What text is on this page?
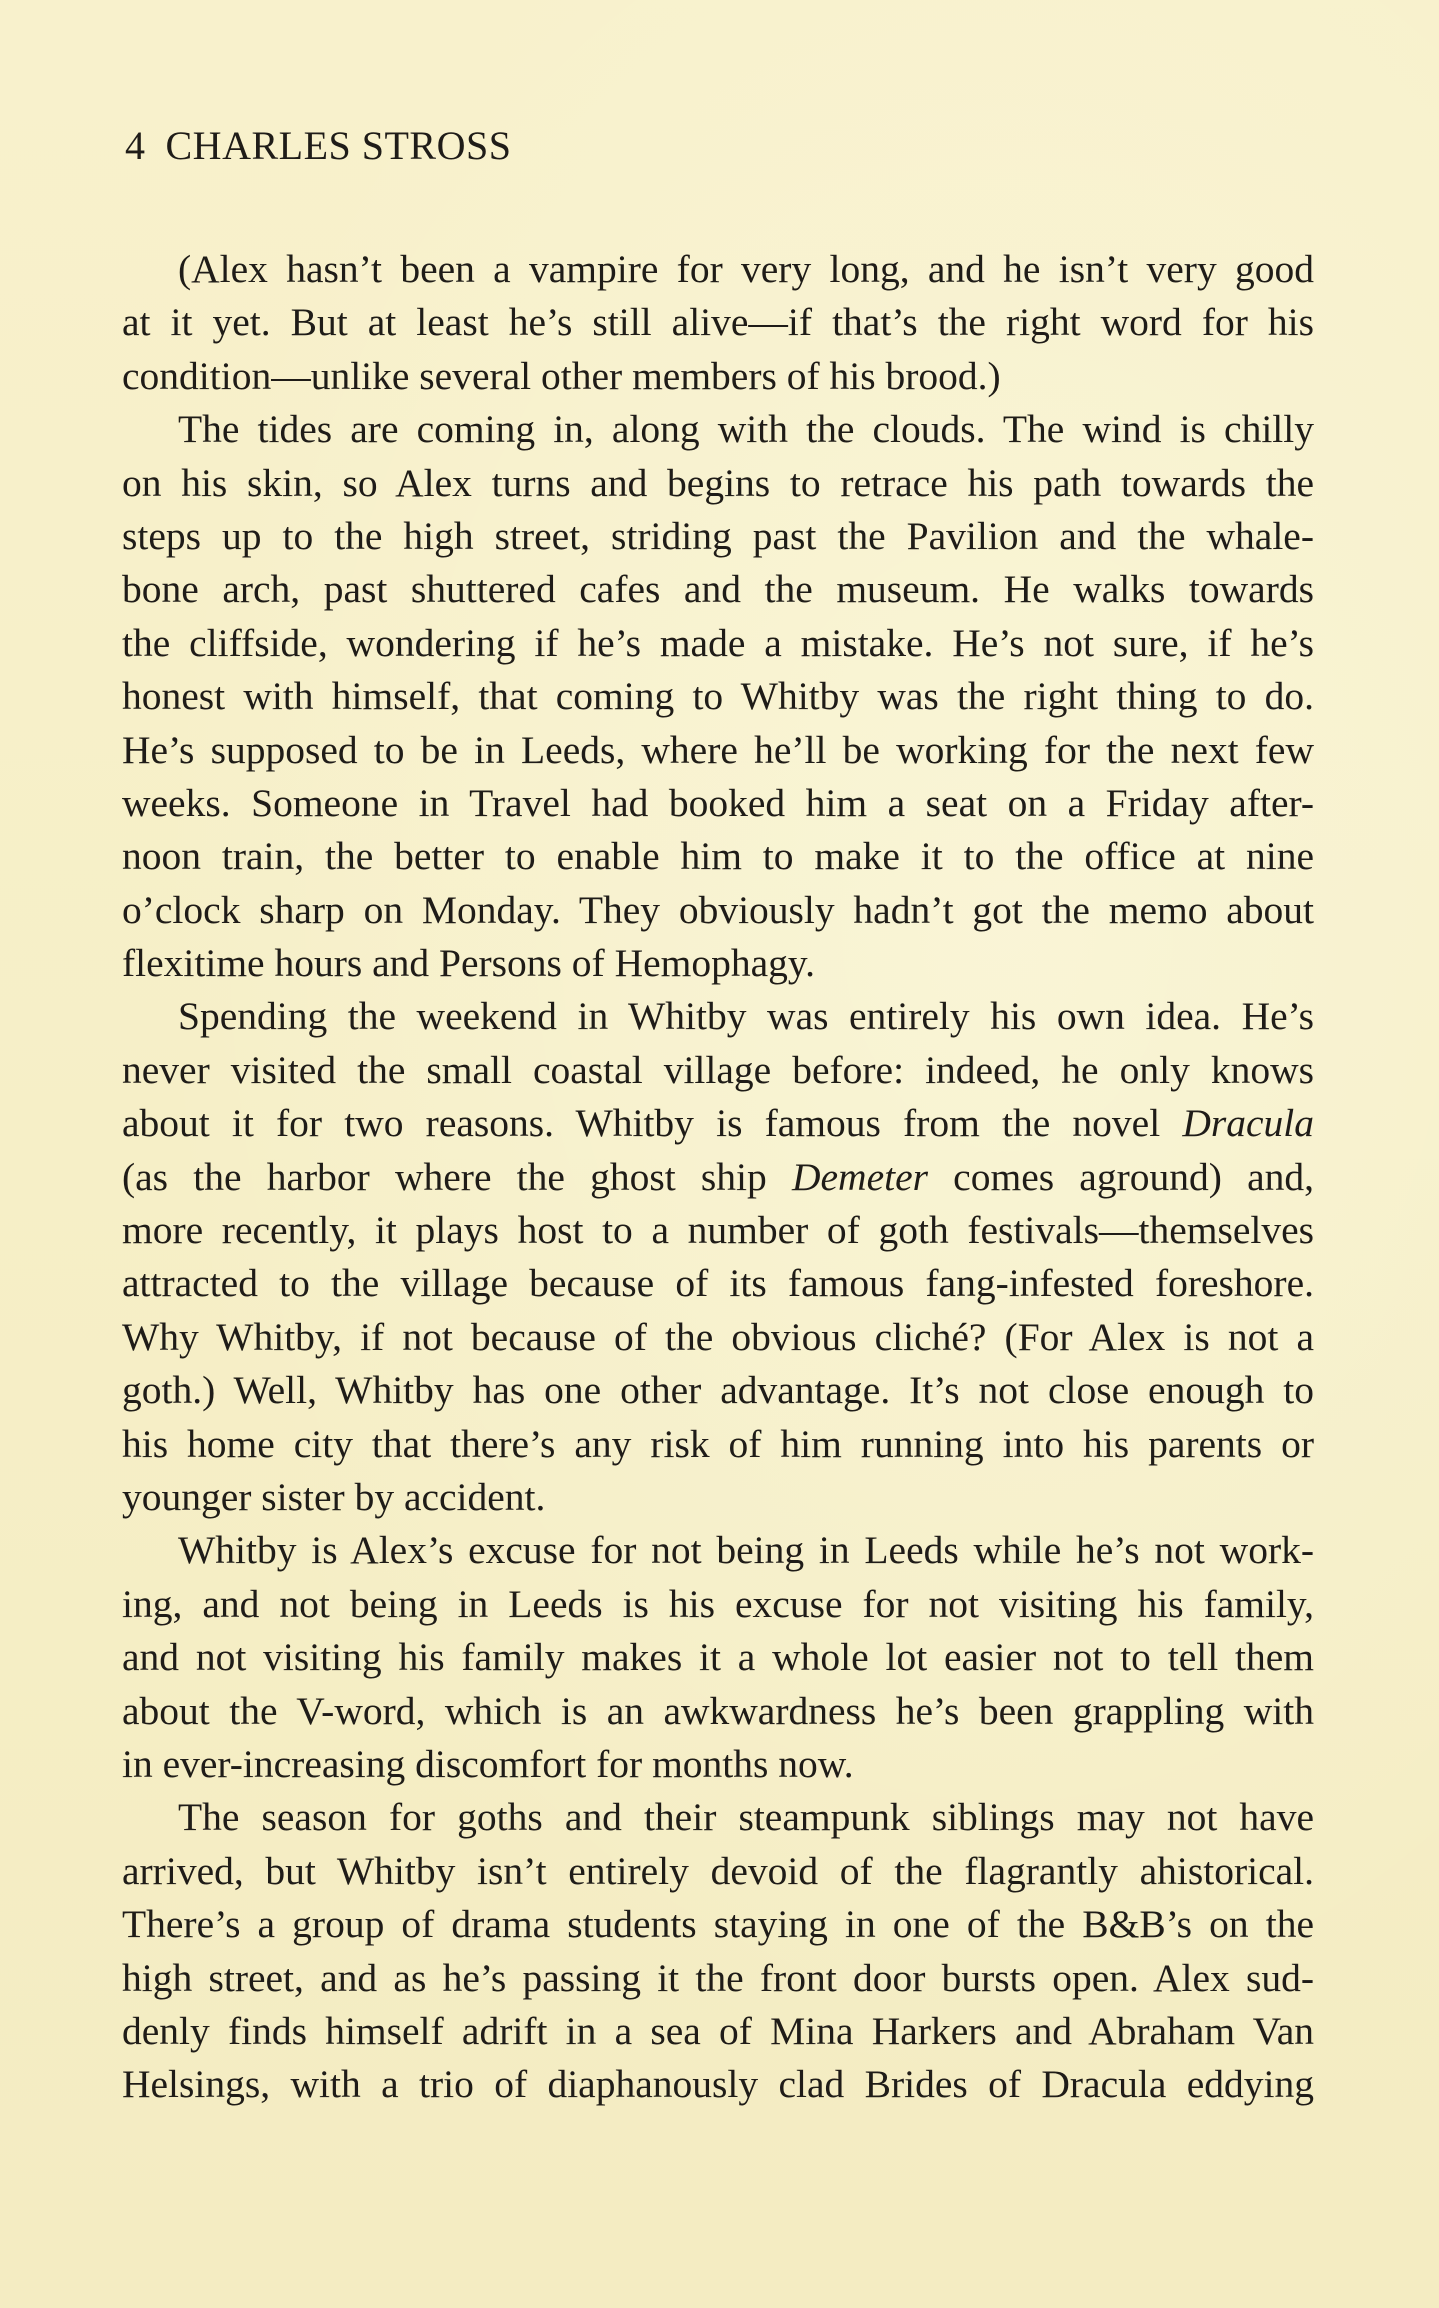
4 CHARLES STROSS
(Alex hasn’t been a vampire for very long, and he isn’t very good
at it yet. But at least he’s still alive—if that’s the right word for his
condition—unlike several other members of his brood.)
The tides are coming in, along with the clouds. The wind is chilly
on his skin, so Alex turns and begins to retrace his path towards the
steps up to the high street, striding past the Pavilion and the whale-
bone arch, past shuttered cafes and the museum. He walks towards
the cliffside, wondering if he’s made a mistake. He’s not sure, if he’s
honest with himself, that coming to Whitby was the right thing to do.
He’s supposed to be in Leeds, where he’ll be working for the next few
weeks. Someone in Travel had booked him a seat on a Friday after-
noon train, the better to enable him to make it to the office at nine
o’clock sharp on Monday. They obviously hadn’t got the memo about
flexitime hours and Persons of Hemophagy.
Spending the weekend in Whitby was entirely his own idea. He’s
never visited the small coastal village before: indeed, he only knows
about it for two reasons. Whitby is famous from the novel Dracula
(as the harbor where the ghost ship Demeter comes aground) and,
more recently, it plays host to a number of goth festivals—themselves
attracted to the village because of its famous fang-infested foreshore.
Why Whitby, if not because of the obvious cliché? (For Alex is not a
goth.) Well, Whitby has one other advantage. It’s not close enough to
his home city that there’s any risk of him running into his parents or
younger sister by accident.
Whitby is Alex’s excuse for not being in Leeds while he’s not work-
ing, and not being in Leeds is his excuse for not visiting his family,
and not visiting his family makes it a whole lot easier not to tell them
about the V-word, which is an awkwardness he’s been grappling with
in ever-increasing discomfort for months now.
The season for goths and their steampunk siblings may not have
arrived, but Whitby isn’t entirely devoid of the flagrantly ahistorical.
There’s a group of drama students staying in one of the B&B’s on the
high street, and as he’s passing it the front door bursts open. Alex sud-
denly finds himself adrift in a sea of Mina Harkers and Abraham Van
Helsings, with a trio of diaphanously clad Brides of Dracula eddying
